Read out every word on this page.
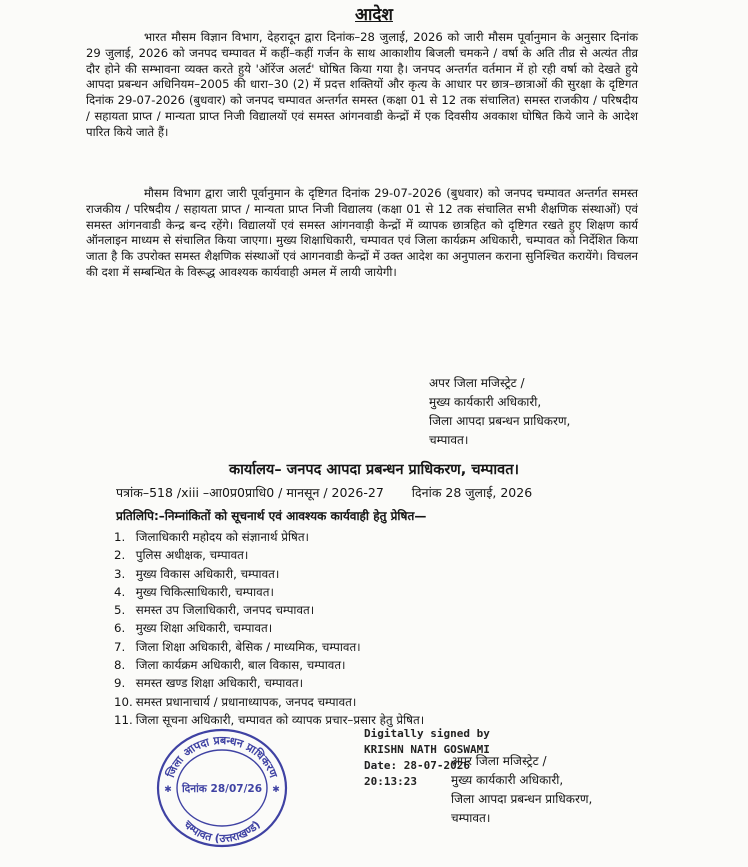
आदेश
भारत मौसम विज्ञान विभाग, देहरादून द्वारा दिनांक–28 जुलाई, 2026 को जारी मौसम पूर्वानुमान के अनुसार दिनांक 29 जुलाई, 2026 को जनपद चम्पावत में कहीं–कहीं गर्जन के साथ आकाशीय बिजली चमकने / वर्षा के अति तीव्र से अत्यंत तीव्र दौर होने की सम्भावना व्यक्त करते हुये 'ऑरेंज अलर्ट' घोषित किया गया है। जनपद अन्तर्गत वर्तमान में हो रही वर्षा को देखते हुये आपदा प्रबन्धन अधिनियम–2005 की धारा–30 (2) में प्रदत्त शक्तियों और कृत्य के आधार पर छात्र–छात्राओं की सुरक्षा के दृष्टिगत दिनांक 29-07-2026 (बुधवार) को जनपद चम्पावत अन्तर्गत समस्त (कक्षा 01 से 12 तक संचालित) समस्त राजकीय / परिषदीय / सहायता प्राप्त / मान्यता प्राप्त निजी विद्यालयों एवं समस्त आंगनवाडी केन्द्रों में एक दिवसीय अवकाश घोषित किये जाने के आदेश पारित किये जाते हैं।
मौसम विभाग द्वारा जारी पूर्वानुमान के दृष्टिगत दिनांक 29-07-2026 (बुधवार) को जनपद चम्पावत अन्तर्गत समस्त राजकीय / परिषदीय / सहायता प्राप्त / मान्यता प्राप्त निजी विद्यालय (कक्षा 01 से 12 तक संचालित सभी शैक्षणिक संस्थाओं) एवं समस्त आंगनवाडी केन्द्र बन्द रहेंगे। विद्यालयों एवं समस्त आंगनवाड़ी केन्द्रों में व्यापक छात्रहित को दृष्टिगत रखते हुए शिक्षण कार्य ऑनलाइन माध्यम से संचालित किया जाएगा। मुख्य शिक्षाधिकारी, चम्पावत एवं जिला कार्यक्रम अधिकारी, चम्पावत को निर्देशित किया जाता है कि उपरोक्त समस्त शैक्षणिक संस्थाओं एवं आगनवाडी केन्द्रों में उक्त आदेश का अनुपालन कराना सुनिश्चित करायेंगे। विचलन की दशा में सम्बन्धित के विरूद्ध आवश्यक कार्यवाही अमल में लायी जायेगी।
अपर जिला मजिस्ट्रेट /
मुख्य कार्यकारी अधिकारी,
जिला आपदा प्रबन्धन प्राधिकरण,
चम्पावत।
कार्यालय– जनपद आपदा प्रबन्धन प्राधिकरण, चम्पावत।
पत्रांक–518 /xiii –आ0प्र0प्राधि0 / मानसून / 2026-27 दिनांक 28 जुलाई, 2026
प्रतिलिपि:–निम्नांकितों को सूचनार्थ एवं आवश्यक कार्यवाही हेतु प्रेषित—
1. जिलाधिकारी महोदय को संज्ञानार्थ प्रेषित।
2. पुलिस अधीक्षक, चम्पावत।
3. मुख्य विकास अधिकारी, चम्पावत।
4. मुख्य चिकित्साधिकारी, चम्पावत।
5. समस्त उप जिलाधिकारी, जनपद चम्पावत।
6. मुख्य शिक्षा अधिकारी, चम्पावत।
7. जिला शिक्षा अधिकारी, बेसिक / माध्यमिक, चम्पावत।
8. जिला कार्यक्रम अधिकारी, बाल विकास, चम्पावत।
9. समस्त खण्ड शिक्षा अधिकारी, चम्पावत।
10. समस्त प्रधानाचार्य / प्रधानाध्यापक, जनपद चम्पावत।
11. जिला सूचना अधिकारी, चम्पावत को व्यापक प्रचार–प्रसार हेतु प्रेषित।
जिला आपदा प्रबन्धन प्राधिकरण
चम्पावत (उत्तराखण्ड)
दिनांक 28/07/26
✱	✱
Digitally signed by
KRISHN NATH GOSWAMI
Date: 28-07-2026
20:13:23
अपर जिला मजिस्ट्रेट /
मुख्य कार्यकारी अधिकारी,
जिला आपदा प्रबन्धन प्राधिकरण,
चम्पावत।
